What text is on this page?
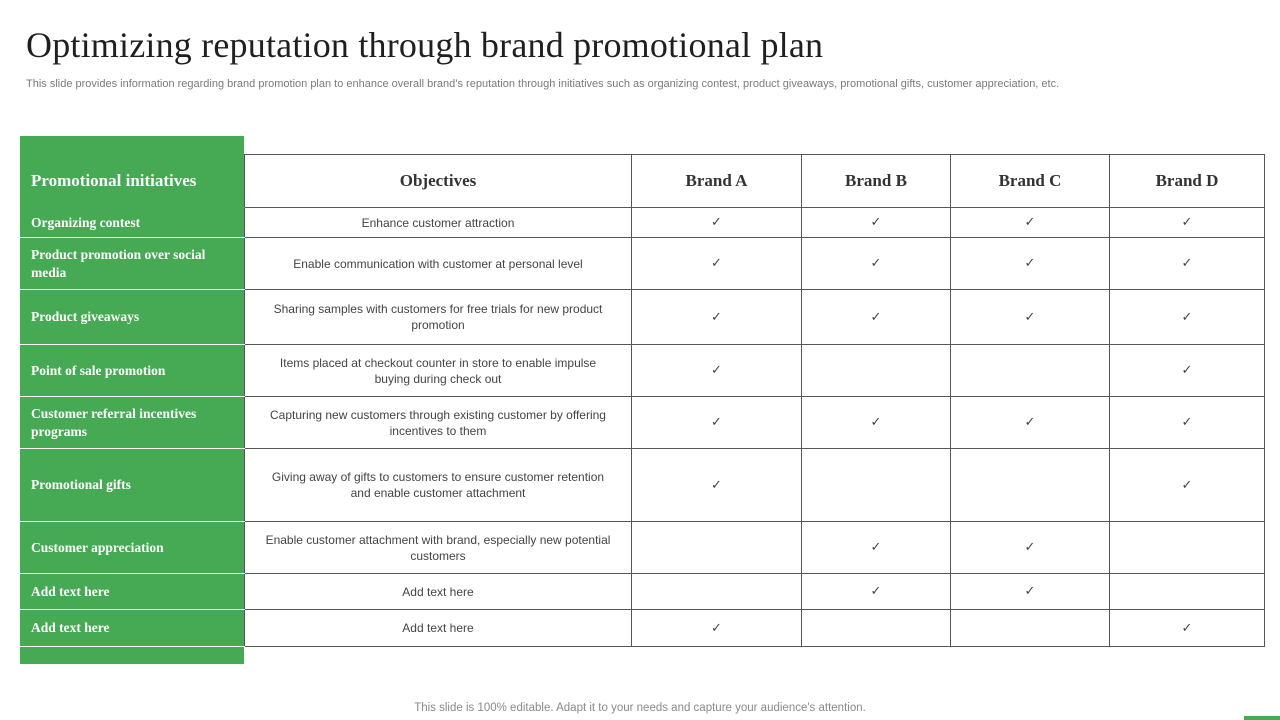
Optimizing reputation through brand promotional plan

This slide provides information regarding brand promotion plan to enhance overall brand’s reputation through initiatives such as organizing contest, product giveaways, promotional gifts, customer appreciation, etc.

Promotional initiatives	Objectives	Brand A	Brand B	Brand C	Brand D
Organizing contest	Enhance customer attraction	✓	✓	✓	✓
Product promotion over social media	Enable communication with customer at personal level	✓	✓	✓	✓
Product giveaways	Sharing samples with customers for free trials for new product promotion	✓	✓	✓	✓
Point of sale promotion	Items placed at checkout counter in store to enable impulse buying during check out	✓			✓
Customer referral incentives programs	Capturing new customers through existing customer by offering incentives to them	✓	✓	✓	✓
Promotional gifts	Giving away of gifts to customers to ensure customer retention and enable customer attachment	✓			✓
Customer appreciation	Enable customer attachment with brand, especially new potential customers		✓	✓	
Add text here	Add text here		✓	✓	
Add text here	Add text here	✓			✓

This slide is 100% editable. Adapt it to your needs and capture your audience's attention.
